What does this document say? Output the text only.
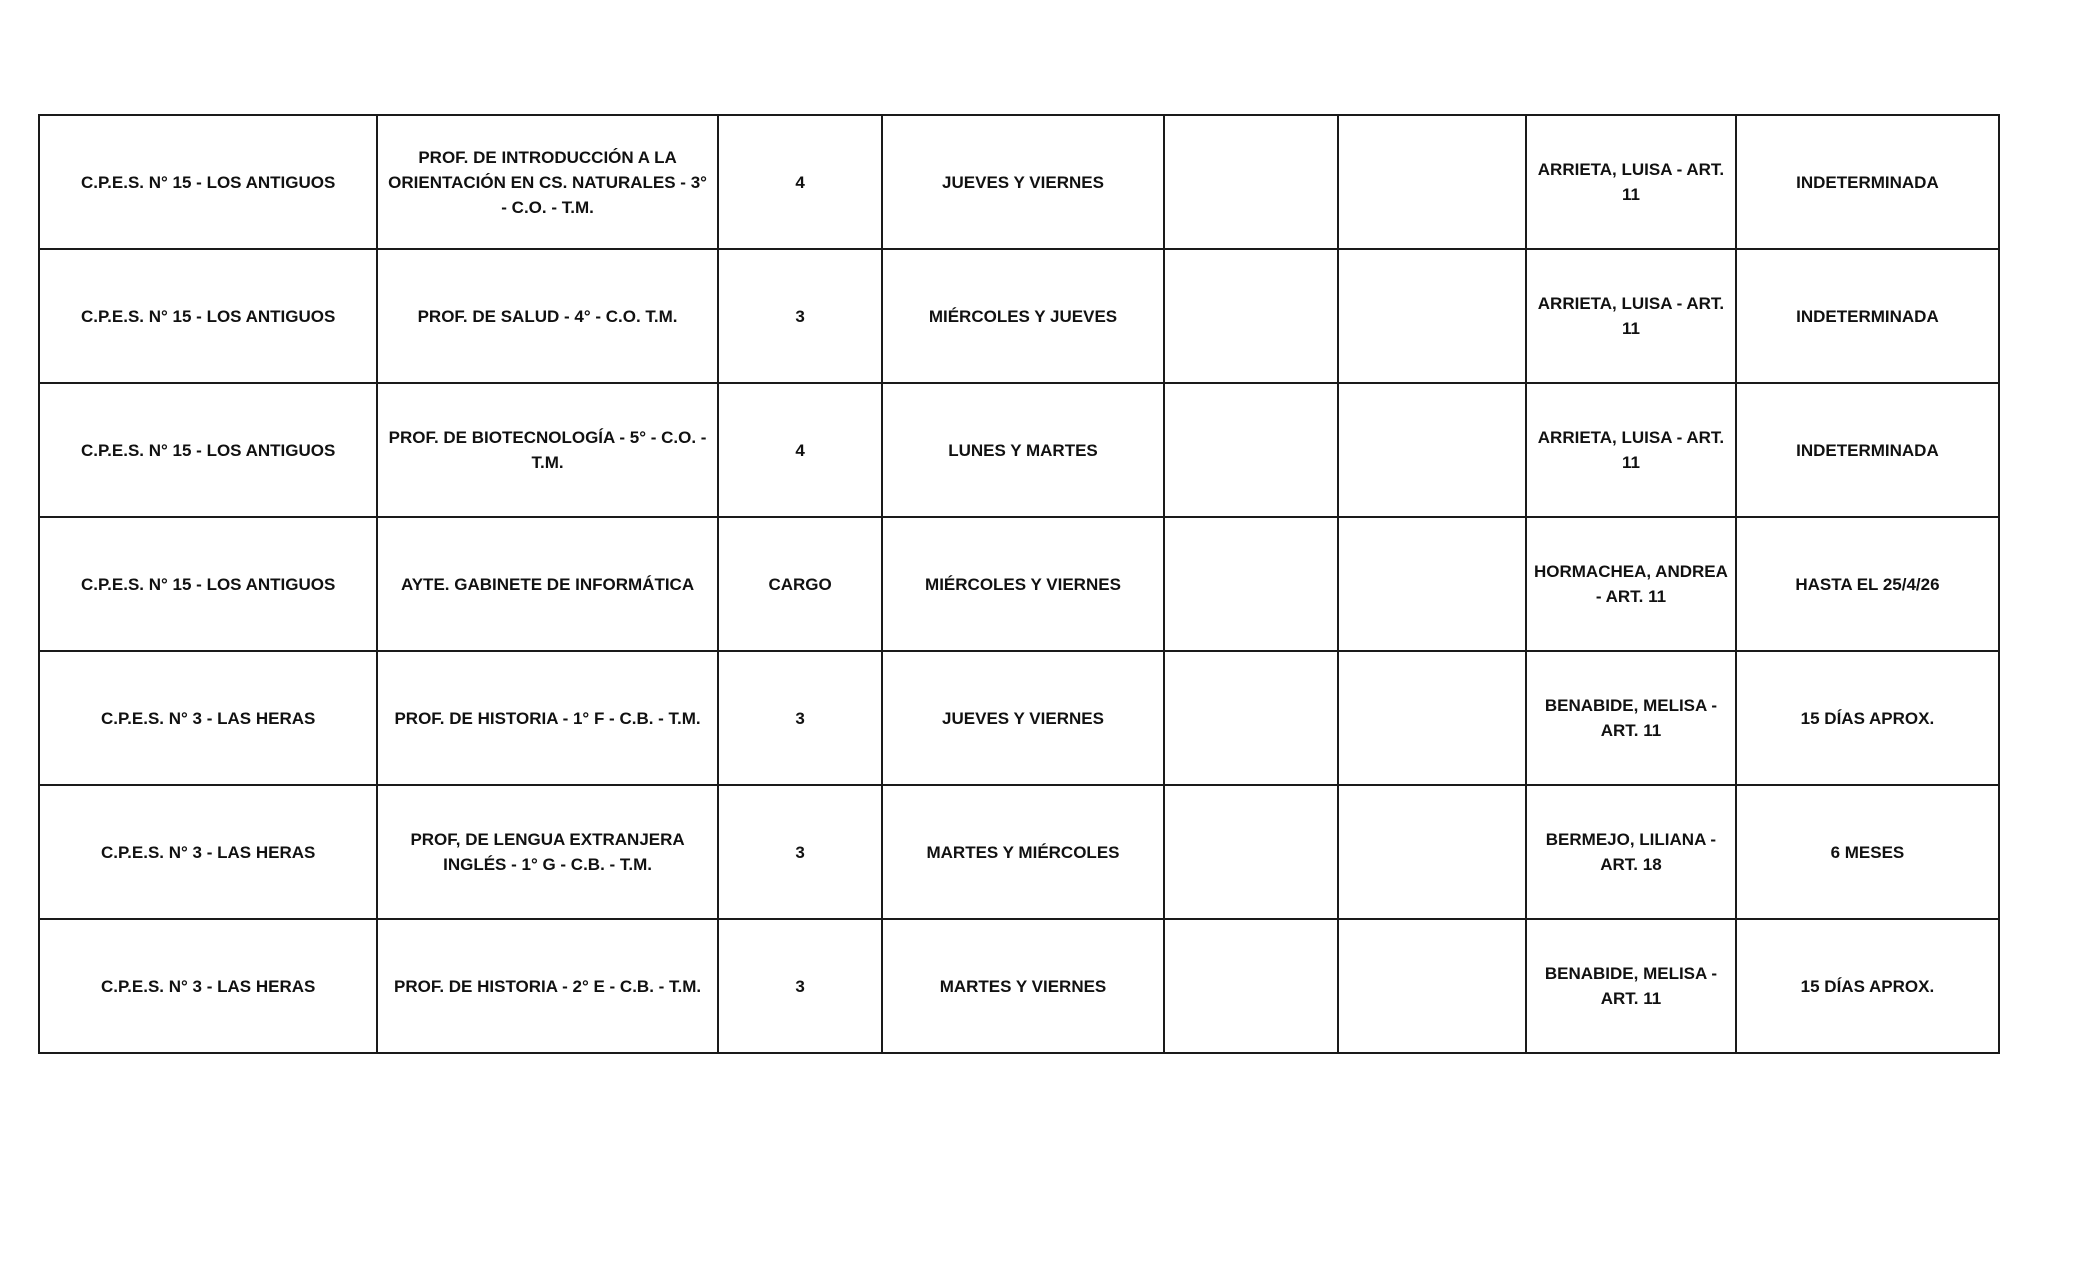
C.P.E.S. N° 15 - LOS ANTIGUOS	PROF. DE INTRODUCCIÓN A LA ORIENTACIÓN EN CS. NATURALES - 3° - C.O. - T.M.	4	JUEVES Y VIERNES			ARRIETA, LUISA - ART. 11	INDETERMINADA
C.P.E.S. N° 15 - LOS ANTIGUOS	PROF. DE SALUD - 4° - C.O. T.M.	3	MIÉRCOLES Y JUEVES			ARRIETA, LUISA - ART. 11	INDETERMINADA
C.P.E.S. N° 15 - LOS ANTIGUOS	PROF. DE BIOTECNOLOGÍA - 5° - C.O. - T.M.	4	LUNES Y MARTES			ARRIETA, LUISA - ART. 11	INDETERMINADA
C.P.E.S. N° 15 - LOS ANTIGUOS	AYTE. GABINETE DE INFORMÁTICA	CARGO	MIÉRCOLES Y VIERNES			HORMACHEA, ANDREA - ART. 11	HASTA EL 25/4/26
C.P.E.S. N° 3 - LAS HERAS	PROF. DE HISTORIA - 1° F - C.B. - T.M.	3	JUEVES Y VIERNES			BENABIDE, MELISA - ART. 11	15 DÍAS APROX.
C.P.E.S. N° 3 - LAS HERAS	PROF, DE LENGUA EXTRANJERA INGLÉS - 1° G - C.B. - T.M.	3	MARTES Y MIÉRCOLES			BERMEJO, LILIANA - ART. 18	6 MESES
C.P.E.S. N° 3 - LAS HERAS	PROF. DE HISTORIA - 2° E - C.B. - T.M.	3	MARTES Y VIERNES			BENABIDE, MELISA - ART. 11	15 DÍAS APROX.
